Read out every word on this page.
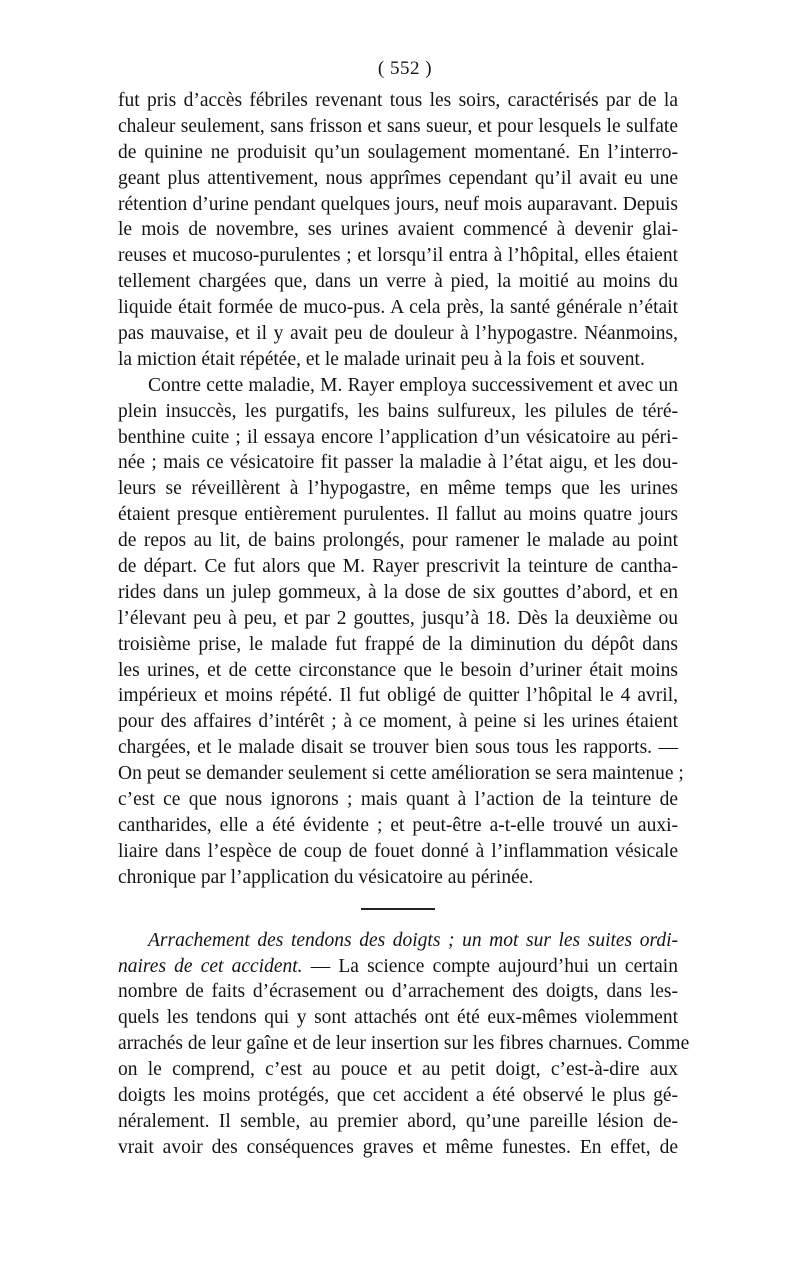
( 552 )
fut pris d’accès fébriles revenant tous les soirs, caractérisés par de la
chaleur seulement, sans frisson et sans sueur, et pour lesquels le sulfate
de quinine ne produisit qu’un soulagement momentané. En l’interro-
geant plus attentivement, nous apprîmes cependant qu’il avait eu une
rétention d’urine pendant quelques jours, neuf mois auparavant. Depuis
le mois de novembre, ses urines avaient commencé à devenir glai-
reuses et mucoso-purulentes ; et lorsqu’il entra à l’hôpital, elles étaient
tellement chargées que, dans un verre à pied, la moitié au moins du
liquide était formée de muco-pus. A cela près, la santé générale n’était
pas mauvaise, et il y avait peu de douleur à l’hypogastre. Néanmoins,
la miction était répétée, et le malade urinait peu à la fois et souvent.
Contre cette maladie, M. Rayer employa successivement et avec un
plein insuccès, les purgatifs, les bains sulfureux, les pilules de téré-
benthine cuite ; il essaya encore l’application d’un vésicatoire au péri-
née ; mais ce vésicatoire fit passer la maladie à l’état aigu, et les dou-
leurs se réveillèrent à l’hypogastre, en même temps que les urines
étaient presque entièrement purulentes. Il fallut au moins quatre jours
de repos au lit, de bains prolongés, pour ramener le malade au point
de départ. Ce fut alors que M. Rayer prescrivit la teinture de cantha-
rides dans un julep gommeux, à la dose de six gouttes d’abord, et en
l’élevant peu à peu, et par 2 gouttes, jusqu’à 18. Dès la deuxième ou
troisième prise, le malade fut frappé de la diminution du dépôt dans
les urines, et de cette circonstance que le besoin d’uriner était moins
impérieux et moins répété. Il fut obligé de quitter l’hôpital le 4 avril,
pour des affaires d’intérêt ; à ce moment, à peine si les urines étaient
chargées, et le malade disait se trouver bien sous tous les rapports. —
On peut se demander seulement si cette amélioration se sera maintenue ;
c’est ce que nous ignorons ; mais quant à l’action de la teinture de
cantharides, elle a été évidente ; et peut-être a-t-elle trouvé un auxi-
liaire dans l’espèce de coup de fouet donné à l’inflammation vésicale
chronique par l’application du vésicatoire au périnée.
Arrachement des tendons des doigts ; un mot sur les suites ordi-
naires de cet accident. — La science compte aujourd’hui un certain
nombre de faits d’écrasement ou d’arrachement des doigts, dans les-
quels les tendons qui y sont attachés ont été eux-mêmes violemment
arrachés de leur gaîne et de leur insertion sur les fibres charnues. Comme
on le comprend, c’est au pouce et au petit doigt, c’est-à-dire aux
doigts les moins protégés, que cet accident a été observé le plus gé-
néralement. Il semble, au premier abord, qu’une pareille lésion de-
vrait avoir des conséquences graves et même funestes. En effet, de
